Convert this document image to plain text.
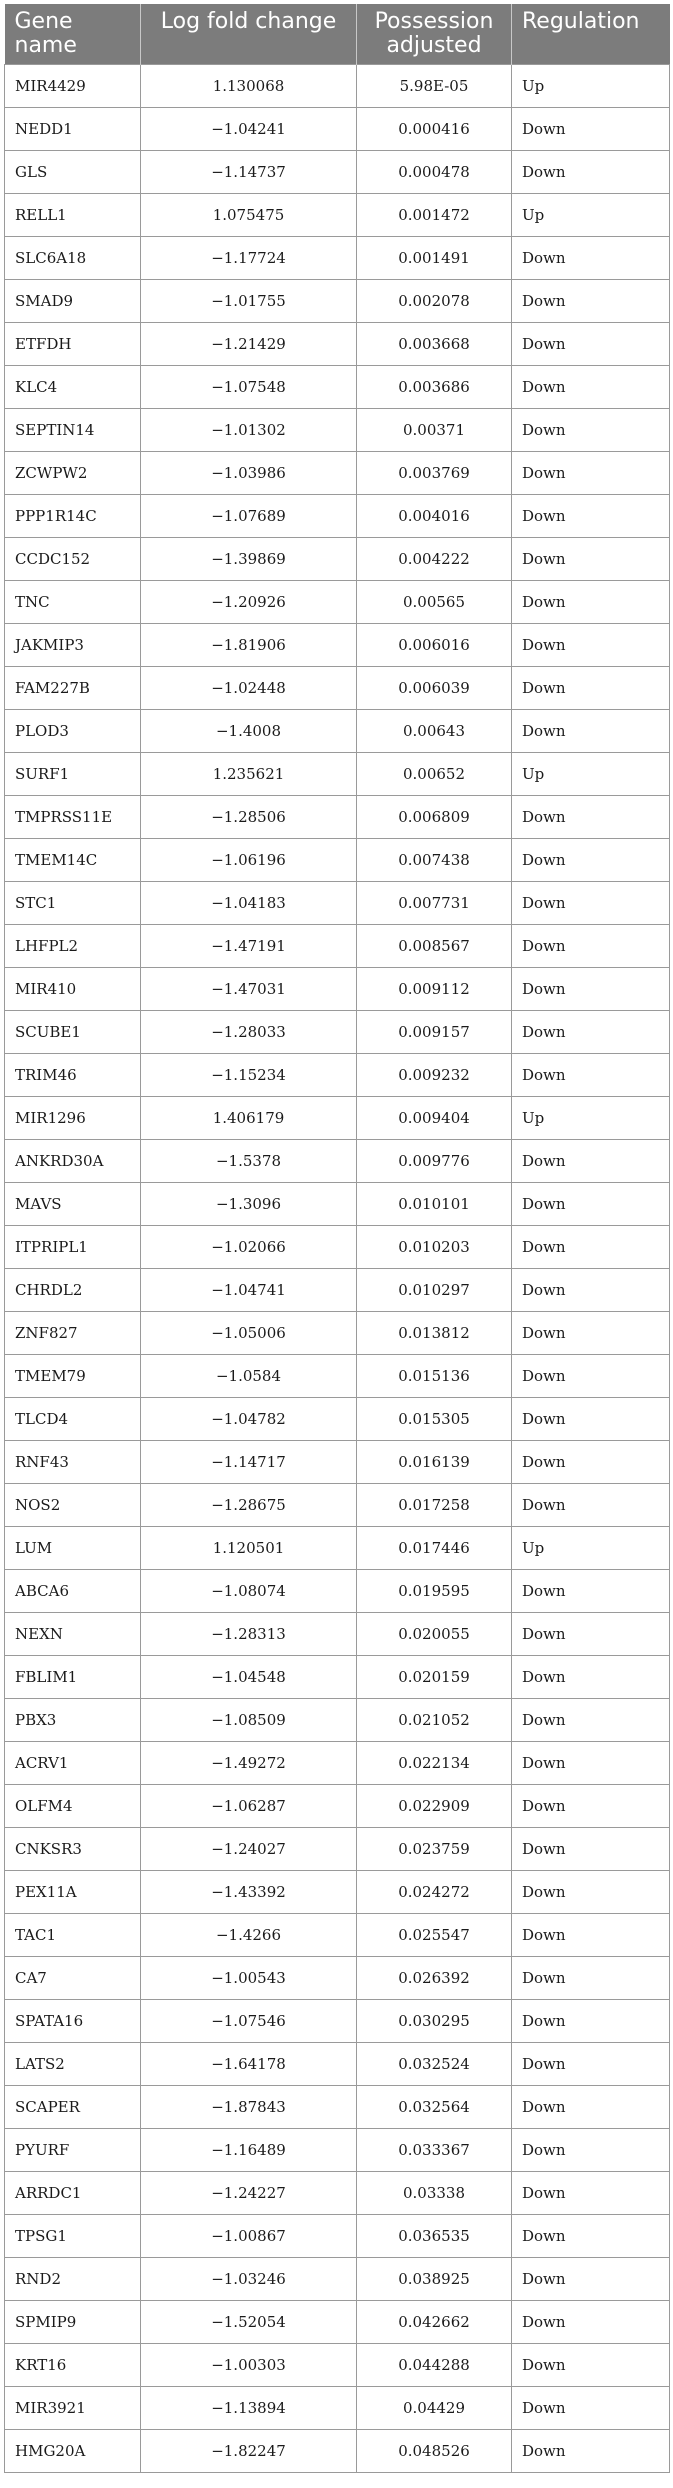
Gene name	Log fold change	Possession adjusted	Regulation
MIR4429	1.130068	5.98E-05	Up
NEDD1	−1.04241	0.000416	Down
GLS	−1.14737	0.000478	Down
RELL1	1.075475	0.001472	Up
SLC6A18	−1.17724	0.001491	Down
SMAD9	−1.01755	0.002078	Down
ETFDH	−1.21429	0.003668	Down
KLC4	−1.07548	0.003686	Down
SEPTIN14	−1.01302	0.00371	Down
ZCWPW2	−1.03986	0.003769	Down
PPP1R14C	−1.07689	0.004016	Down
CCDC152	−1.39869	0.004222	Down
TNC	−1.20926	0.00565	Down
JAKMIP3	−1.81906	0.006016	Down
FAM227B	−1.02448	0.006039	Down
PLOD3	−1.4008	0.00643	Down
SURF1	1.235621	0.00652	Up
TMPRSS11E	−1.28506	0.006809	Down
TMEM14C	−1.06196	0.007438	Down
STC1	−1.04183	0.007731	Down
LHFPL2	−1.47191	0.008567	Down
MIR410	−1.47031	0.009112	Down
SCUBE1	−1.28033	0.009157	Down
TRIM46	−1.15234	0.009232	Down
MIR1296	1.406179	0.009404	Up
ANKRD30A	−1.5378	0.009776	Down
MAVS	−1.3096	0.010101	Down
ITPRIPL1	−1.02066	0.010203	Down
CHRDL2	−1.04741	0.010297	Down
ZNF827	−1.05006	0.013812	Down
TMEM79	−1.0584	0.015136	Down
TLCD4	−1.04782	0.015305	Down
RNF43	−1.14717	0.016139	Down
NOS2	−1.28675	0.017258	Down
LUM	1.120501	0.017446	Up
ABCA6	−1.08074	0.019595	Down
NEXN	−1.28313	0.020055	Down
FBLIM1	−1.04548	0.020159	Down
PBX3	−1.08509	0.021052	Down
ACRV1	−1.49272	0.022134	Down
OLFM4	−1.06287	0.022909	Down
CNKSR3	−1.24027	0.023759	Down
PEX11A	−1.43392	0.024272	Down
TAC1	−1.4266	0.025547	Down
CA7	−1.00543	0.026392	Down
SPATA16	−1.07546	0.030295	Down
LATS2	−1.64178	0.032524	Down
SCAPER	−1.87843	0.032564	Down
PYURF	−1.16489	0.033367	Down
ARRDC1	−1.24227	0.03338	Down
TPSG1	−1.00867	0.036535	Down
RND2	−1.03246	0.038925	Down
SPMIP9	−1.52054	0.042662	Down
KRT16	−1.00303	0.044288	Down
MIR3921	−1.13894	0.04429	Down
HMG20A	−1.82247	0.048526	Down
